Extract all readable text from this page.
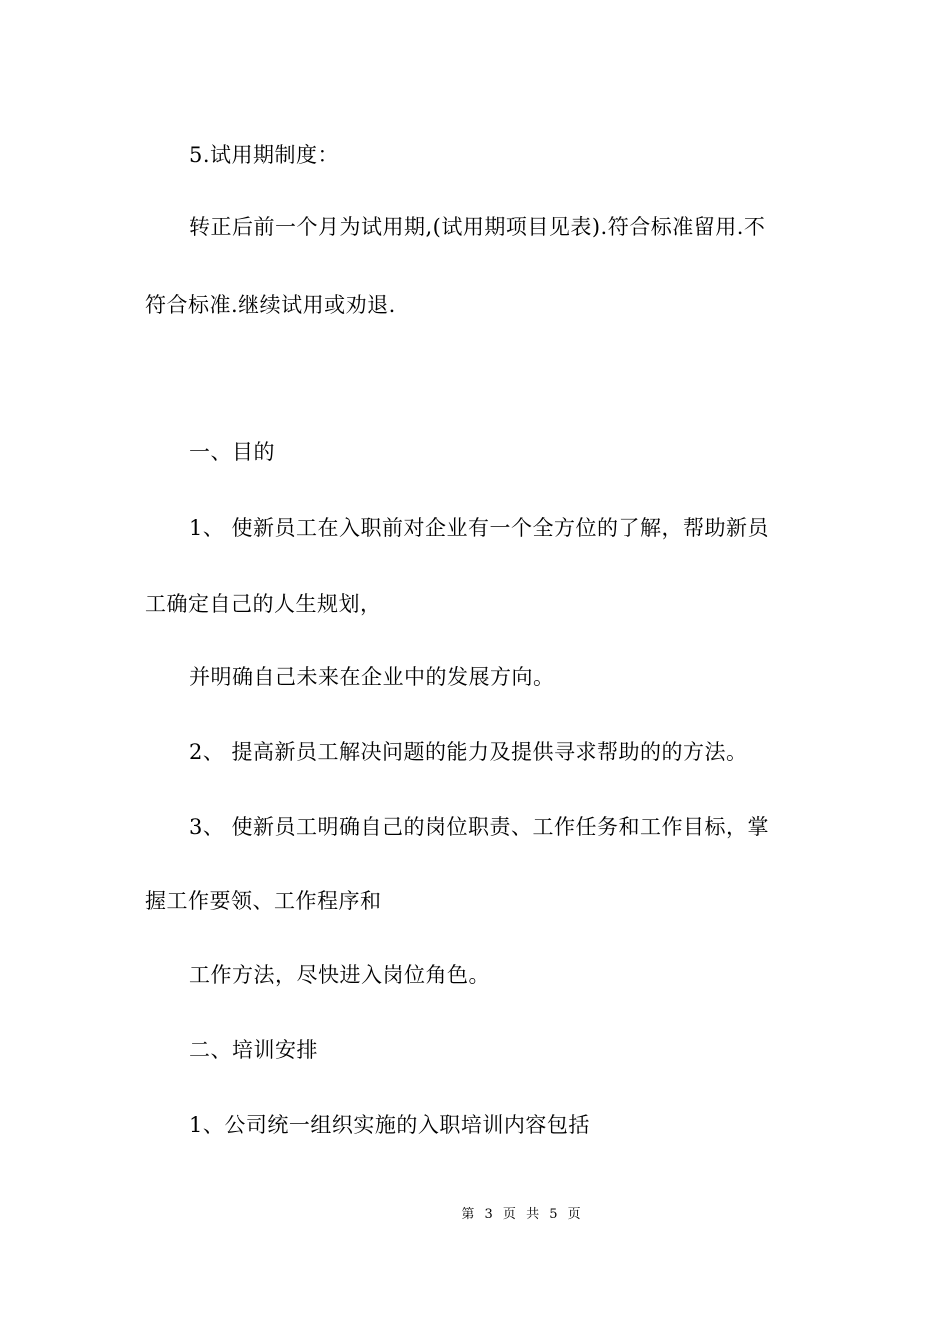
5.试用期制度：
转正后前一个月为试用期,(试用期项目见表).符合标准留用.不
符合标准.继续试用或劝退.
一、目的
1、 使新员工在入职前对企业有一个全方位的了解，帮助新员
工确定自己的人生规划，
并明确自己未来在企业中的发展方向。
2、 提高新员工解决问题的能力及提供寻求帮助的的方法。
3、 使新员工明确自己的岗位职责、工作任务和工作目标，掌
握工作要领、工作程序和
工作方法，尽快进入岗位角色。
二、培训安排
1、公司统一组织实施的入职培训内容包括
第 3 页 共 5 页
